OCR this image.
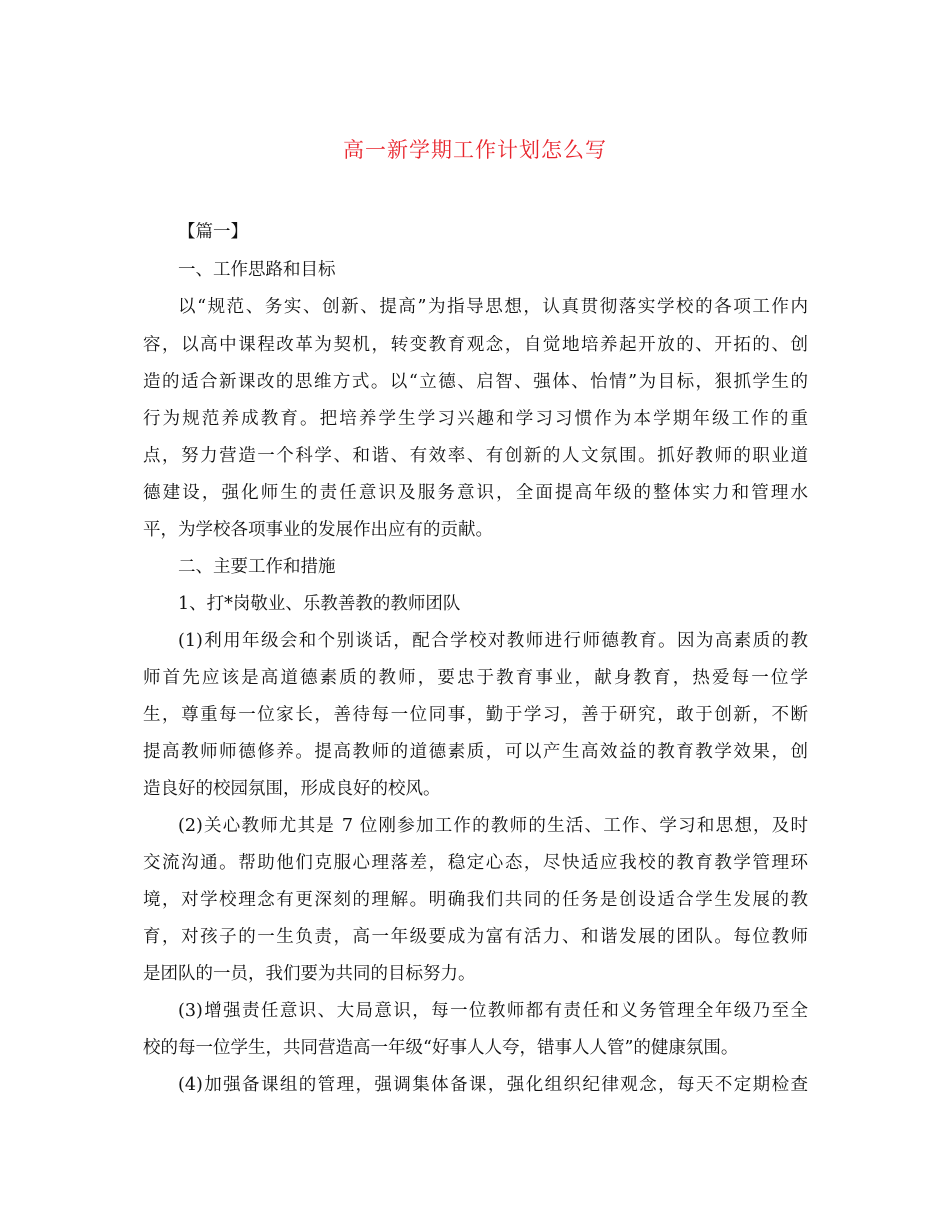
高一新学期工作计划怎么写
【篇一】
一、工作思路和目标
以“规范、务实、创新、提高”为指导思想，认真贯彻落实学校的各项工作内
容，以高中课程改革为契机，转变教育观念，自觉地培养起开放的、开拓的、创
造的适合新课改的思维方式。以“立德、启智、强体、怡情”为目标，狠抓学生的
行为规范养成教育。把培养学生学习兴趣和学习习惯作为本学期年级工作的重
点，努力营造一个科学、和谐、有效率、有创新的人文氛围。抓好教师的职业道
德建设，强化师生的责任意识及服务意识，全面提高年级的整体实力和管理水
平，为学校各项事业的发展作出应有的贡献。
二、主要工作和措施
1、打*岗敬业、乐教善教的教师团队
(1)利用年级会和个别谈话，配合学校对教师进行师德教育。因为高素质的教
师首先应该是高道德素质的教师，要忠于教育事业，献身教育，热爱每一位学
生，尊重每一位家长，善待每一位同事，勤于学习，善于研究，敢于创新，不断
提高教师师德修养。提高教师的道德素质，可以产生高效益的教育教学效果，创
造良好的校园氛围，形成良好的校风。
(2)关心教师尤其是 7 位刚参加工作的教师的生活、工作、学习和思想，及时
交流沟通。帮助他们克服心理落差，稳定心态，尽快适应我校的教育教学管理环
境，对学校理念有更深刻的理解。明确我们共同的任务是创设适合学生发展的教
育，对孩子的一生负责，高一年级要成为富有活力、和谐发展的团队。每位教师
是团队的一员，我们要为共同的目标努力。
(3)增强责任意识、大局意识，每一位教师都有责任和义务管理全年级乃至全
校的每一位学生，共同营造高一年级“好事人人夸，错事人人管”的健康氛围。
(4)加强备课组的管理，强调集体备课，强化组织纪律观念，每天不定期检查
